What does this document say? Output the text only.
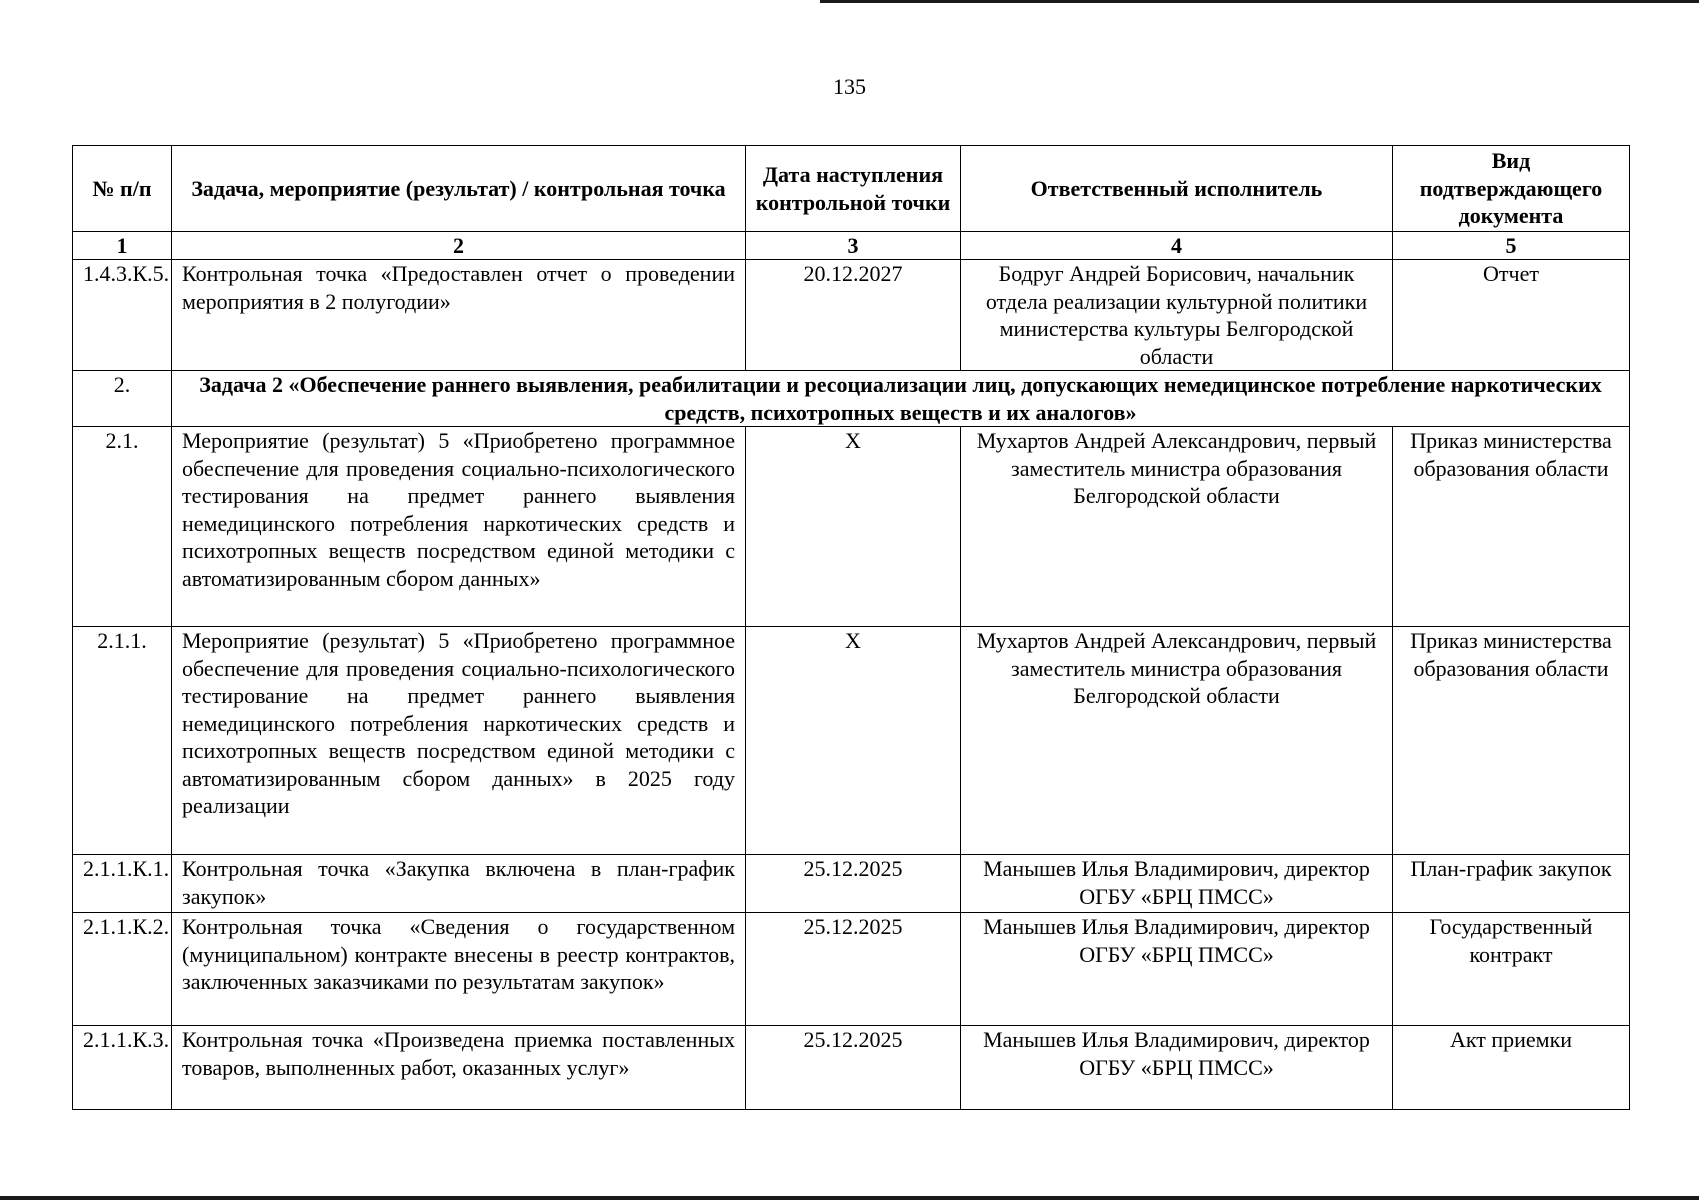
135
№ п/п	Задача, мероприятие (результат) / контрольная точка	Дата наступления контрольной точки	Ответственный исполнитель	Вид подтверждающего документа
1	2	3	4	5
1.4.3.К.5.	Контрольная точка «Предоставлен отчет о проведении мероприятия в 2 полугодии»	20.12.2027	Бодруг Андрей Борисович, начальник отдела реализации культурной политики министерства культуры Белгородской области	Отчет
2.	Задача 2 «Обеспечение раннего выявления, реабилитации и ресоциализации лиц, допускающих немедицинское потребление наркотических средств, психотропных веществ и их аналогов»			
2.1.	Мероприятие (результат) 5 «Приобретено программное обеспечение для проведения социально-психологического тестирования на предмет раннего выявления немедицинского потребления наркотических средств и психотропных веществ посредством единой методики с автоматизированным сбором данных»	X	Мухартов Андрей Александрович, первый заместитель министра образования Белгородской области	Приказ министерства образования области
2.1.1.	Мероприятие (результат) 5 «Приобретено программное обеспечение для проведения социально-психологического тестирование на предмет раннего выявления немедицинского потребления наркотических средств и психотропных веществ посредством единой методики с автоматизированным сбором данных» в 2025 году реализации	X	Мухартов Андрей Александрович, первый заместитель министра образования Белгородской области	Приказ министерства образования области
2.1.1.К.1.	Контрольная точка «Закупка включена в план-график закупок»	25.12.2025	Манышев Илья Владимирович, директор ОГБУ «БРЦ ПМСС»	План-график закупок
2.1.1.К.2.	Контрольная точка «Сведения о государственном (муниципальном) контракте внесены в реестр контрактов, заключенных заказчиками по результатам закупок»	25.12.2025	Манышев Илья Владимирович, директор ОГБУ «БРЦ ПМСС»	Государственный контракт
2.1.1.К.3.	Контрольная точка «Произведена приемка поставленных товаров, выполненных работ, оказанных услуг»	25.12.2025	Манышев Илья Владимирович, директор ОГБУ «БРЦ ПМСС»	Акт приемки
